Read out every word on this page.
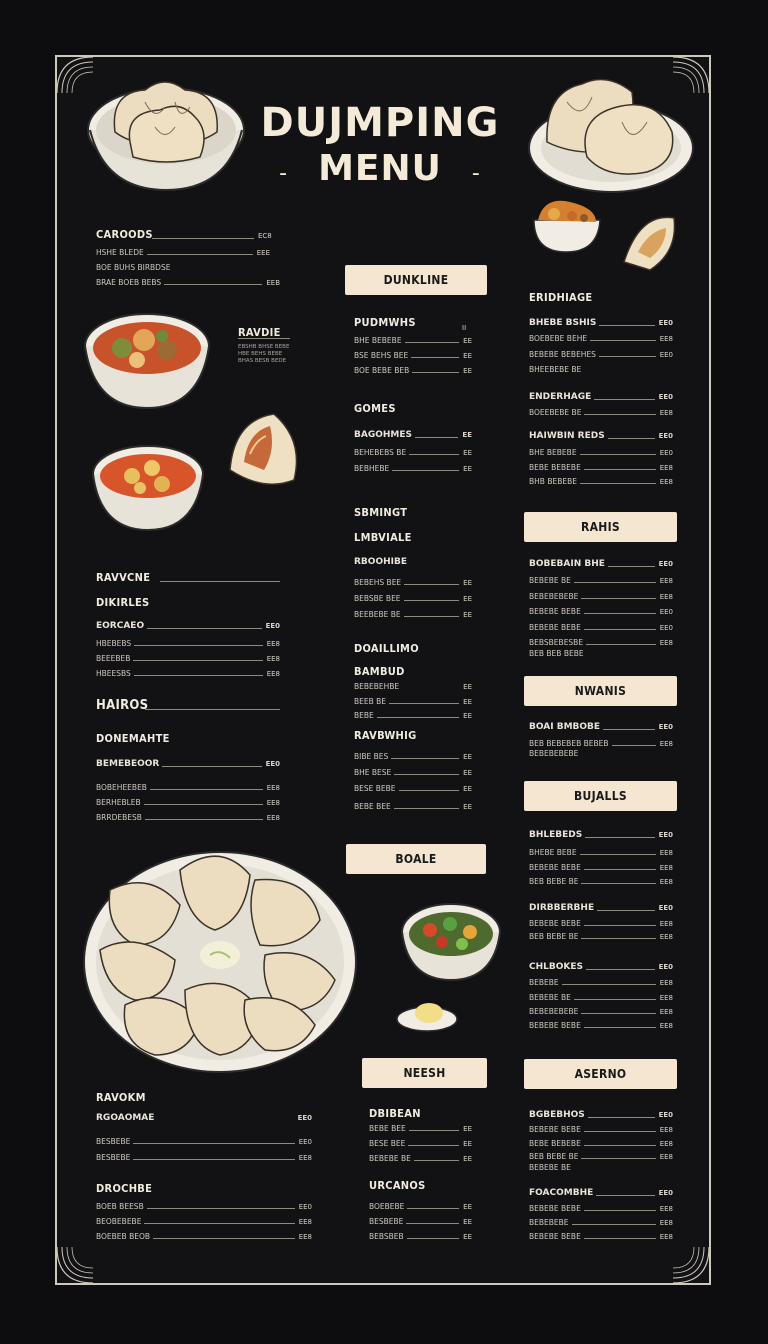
DUJMPING
- MENU -
CAROODS	EC8
HSHE BLEDE	EEE
BOE BUHS BIRBDSE
BRAE BOEB BEBS	EEB
RAVDIE
EBSHB BHSE BEBE
HBE BEHS BEBE
BHAS BESB BEDE
RAVVCNE
DIKIRLES
EORCAEO	EE0
HBEBEBS	EE8
BEEEBEB	EE8
HBEESBS	EE8
HAIROS
DONEMAHTE
BEMEBEOOR	EE0
BOBEHEEBEB	EE8
BERHEBLEB	EE8
BRRDEBESB	EE8
RAVOKM
RGOAOMAE	EE0
BESBEBE	EE0
BESBEBE	EE8
DROCHBE
BOEB BEESB	EE0
BEOBEBEBE	EE8
BOEBEB BEOB	EE8
DUNKLINE
PUDMWHS	II
BHE BEBEBE	EE
BSE BEHS BEE	EE
BOE BEBE BEB	EE
GOMES
BAGOHMES	EE
BEHEBEBS BE	EE
BEBHEBE	EE
SBMINGT
LMBVIALE
RBOOHIBE
BEBEHS BEE	EE
BEBSBE BEE	EE
BEEBEBE BE	EE
DOAILLIMO
BAMBUD
BEBEBEHBE	EE
BEEB BE	EE
BEBE	EE
RAVBWHIG
BIBE BES	EE
BHE BESE	EE
BESE BEBE	EE
BEBE BEE	EE
BOALE
NEESH
DBIBEAN
BEBE BEE	EE
BESE BEE	EE
BEBEBE BE	EE
URCANOS
BOEBEBE	EE
BESBEBE	EE
BEBSBEB	EE
ERIDHIAGE
BHEBE BSHIS	EE0
BOEBEBE BEHE	EE8
BEBEBE BEBEHES	EE0
BHEEBEBE BE
ENDERHAGE	EE0
BOEEBEBE BE	EE8
HAIWBIN REDS	EE0
BHE BEBEBE	EE0
BEBE BEBEBE	EE8
BHB BEBEBE	EE8
RAHIS
BOBEBAIN BHE	EE0
BEBEBE BE	EE8
BEBEBEBEBE	EE8
BEBEBE BEBE	EE0
BEBEBE BEBE	EE0
BEBSBEBESBE	EE8
BEB BEB BEBE
NWANIS
BOAI BMBOBE	EE0
BEB BEBEBEB BEBEB	EE8
BEBEBEBEBE
BUJALLS
BHLEBEDS	EE0
BHEBE BEBE	EE8
BEBEBE BEBE	EE8
BEB BEBE BE	EE8
DIRBBERBHE	EE0
BEBEBE BEBE	EE8
BEB BEBE BE	EE8
CHLBOKES	EE0
BEBEBE	EE8
BEBEBE BE	EE8
BEBEBEBEBE	EE8
BEBEBE BEBE	EE8
ASERNO
BGBEBHOS	EE0
BEBEBE BEBE	EE8
BEBE BEBEBE	EE8
BEB BEBE BE	EE8
BEBEBE BE
FOACOMBHE	EE0
BEBEBE BEBE	EE8
BEBEBEBE	EE8
BEBEBE BEBE	EE8
